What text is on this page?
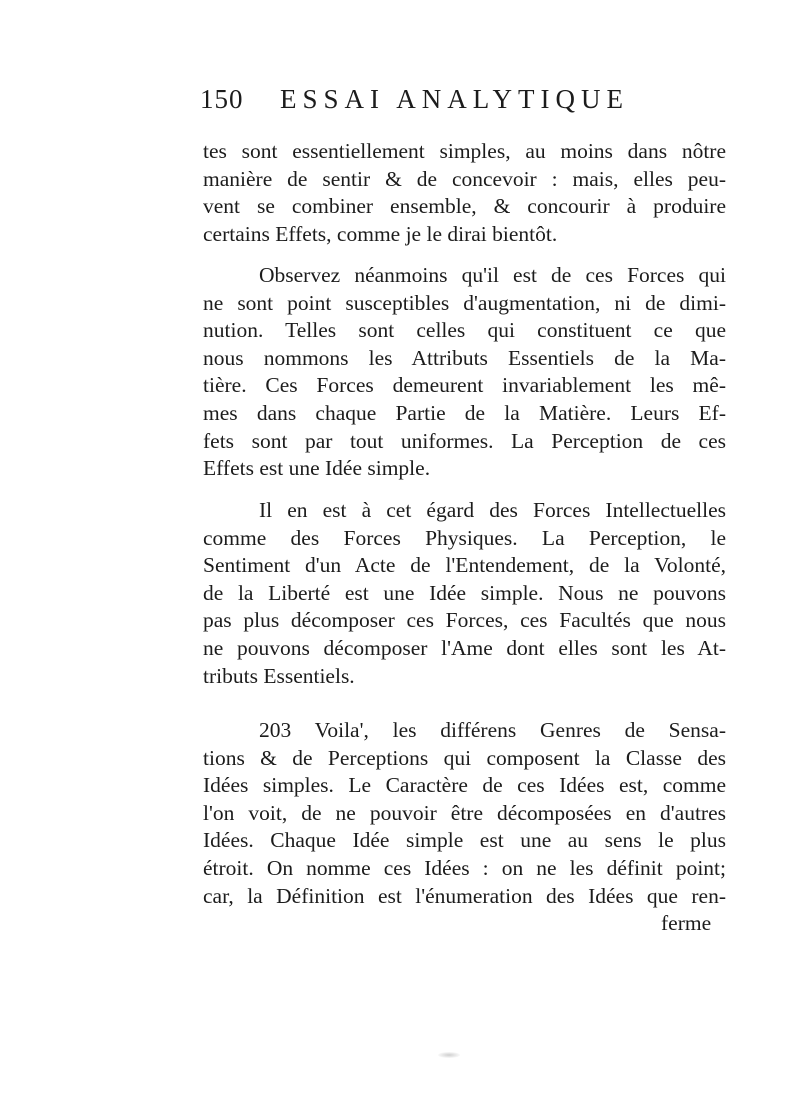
150	ESSAI ANALYTIQUE
tes sont essentiellement simples, au moins dans nôtre
manière de sentir & de concevoir : mais, elles peu-
vent se combiner ensemble, & concourir à produire
certains Effets, comme je le dirai bientôt.
Observez néanmoins qu'il est de ces Forces qui
ne sont point susceptibles d'augmentation, ni de dimi-
nution. Telles sont celles qui constituent ce que
nous nommons les Attributs Essentiels de la Ma-
tière. Ces Forces demeurent invariablement les mê-
mes dans chaque Partie de la Matière. Leurs Ef-
fets sont par tout uniformes. La Perception de ces
Effets est une Idée simple.
Il en est à cet égard des Forces Intellectuelles
comme des Forces Physiques. La Perception, le
Sentiment d'un Acte de l'Entendement, de la Volonté,
de la Liberté est une Idée simple. Nous ne pouvons
pas plus décomposer ces Forces, ces Facultés que nous
ne pouvons décomposer l'Ame dont elles sont les At-
tributs Essentiels.
203 Voila', les différens Genres de Sensa-
tions & de Perceptions qui composent la Classe des
Idées simples. Le Caractère de ces Idées est, comme
l'on voit, de ne pouvoir être décomposées en d'autres
Idées. Chaque Idée simple est une au sens le plus
étroit. On nomme ces Idées : on ne les définit point;
car, la Définition est l'énumeration des Idées que ren-
ferme
